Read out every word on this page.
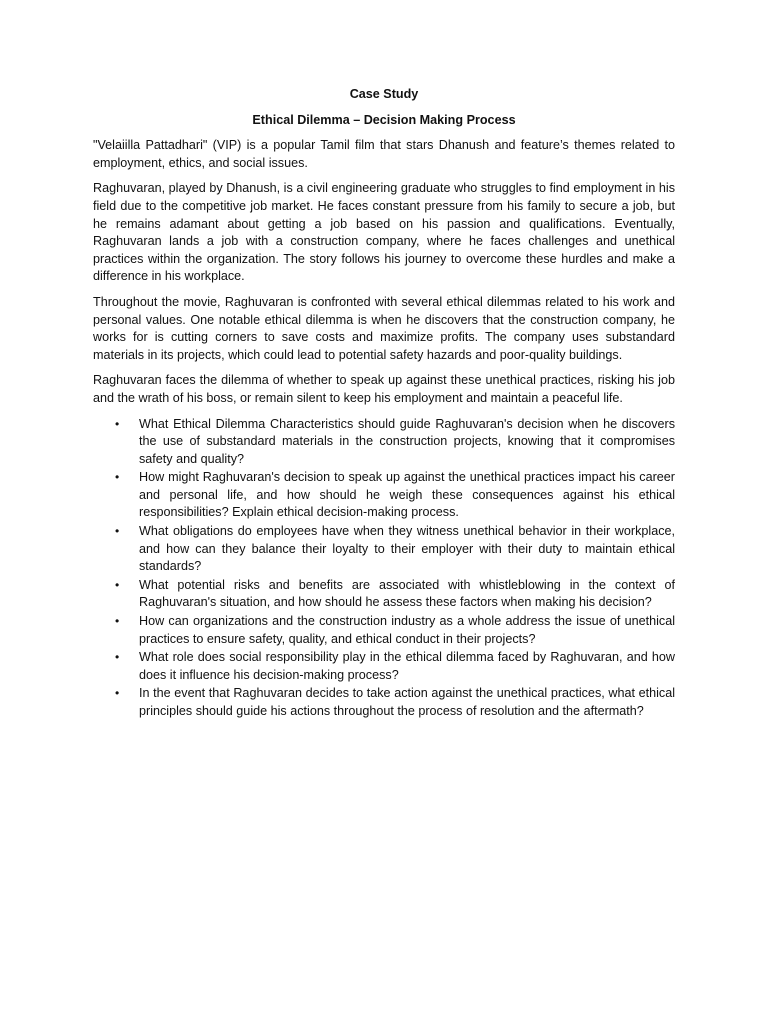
Case Study
Ethical Dilemma – Decision Making Process

"Velaiilla Pattadhari" (VIP) is a popular Tamil film that stars Dhanush and feature’s themes related to employment, ethics, and social issues.

Raghuvaran, played by Dhanush, is a civil engineering graduate who struggles to find employment in his field due to the competitive job market. He faces constant pressure from his family to secure a job, but he remains adamant about getting a job based on his passion and qualifications. Eventually, Raghuvaran lands a job with a construction company, where he faces challenges and unethical practices within the organization. The story follows his journey to overcome these hurdles and make a difference in his workplace.

Throughout the movie, Raghuvaran is confronted with several ethical dilemmas related to his work and personal values. One notable ethical dilemma is when he discovers that the construction company, he works for is cutting corners to save costs and maximize profits. The company uses substandard materials in its projects, which could lead to potential safety hazards and poor-quality buildings.

Raghuvaran faces the dilemma of whether to speak up against these unethical practices, risking his job and the wrath of his boss, or remain silent to keep his employment and maintain a peaceful life.

• What Ethical Dilemma Characteristics should guide Raghuvaran's decision when he discovers the use of substandard materials in the construction projects, knowing that it compromises safety and quality?
• How might Raghuvaran's decision to speak up against the unethical practices impact his career and personal life, and how should he weigh these consequences against his ethical responsibilities? Explain ethical decision-making process.
• What obligations do employees have when they witness unethical behavior in their workplace, and how can they balance their loyalty to their employer with their duty to maintain ethical standards?
• What potential risks and benefits are associated with whistleblowing in the context of Raghuvaran's situation, and how should he assess these factors when making his decision?
• How can organizations and the construction industry as a whole address the issue of unethical practices to ensure safety, quality, and ethical conduct in their projects?
• What role does social responsibility play in the ethical dilemma faced by Raghuvaran, and how does it influence his decision-making process?
• In the event that Raghuvaran decides to take action against the unethical practices, what ethical principles should guide his actions throughout the process of resolution and the aftermath?
